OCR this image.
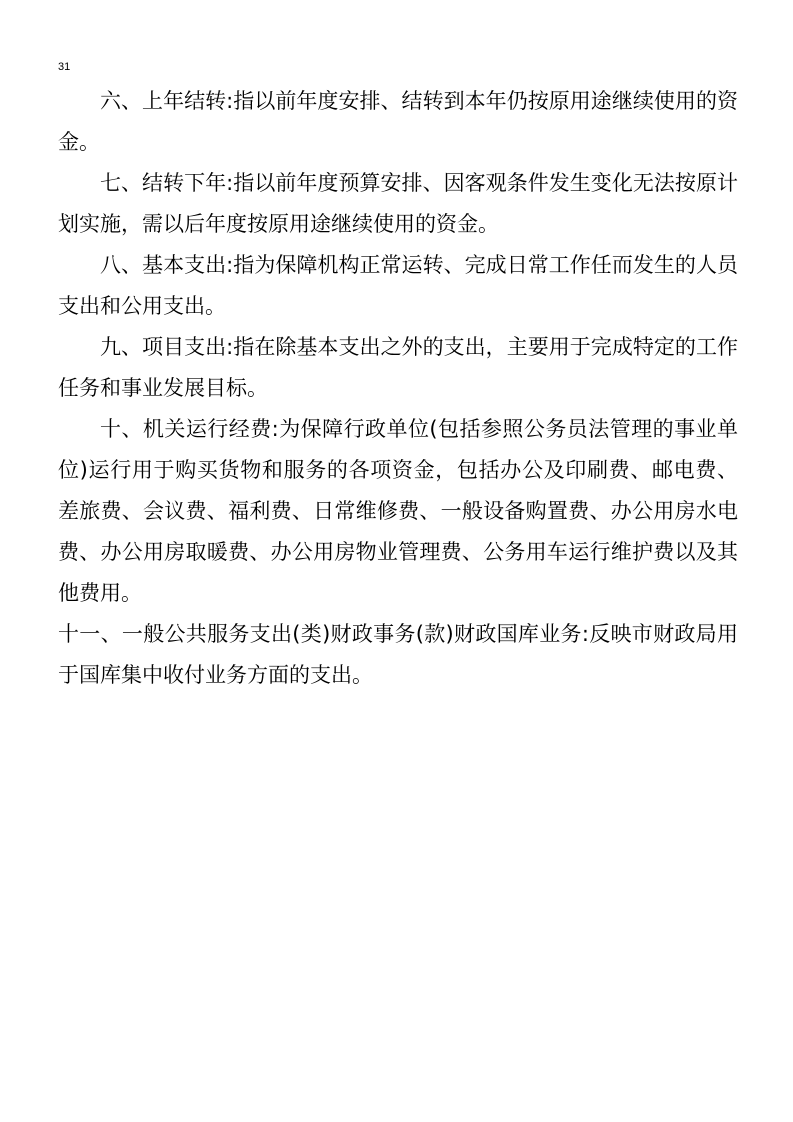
31

六、上年结转:指以前年度安排、结转到本年仍按原用途继续使用的资金。

七、结转下年:指以前年度预算安排、因客观条件发生变化无法按原计划实施，需以后年度按原用途继续使用的资金。

八、基本支出:指为保障机构正常运转、完成日常工作任而发生的人员支出和公用支出。

九、项目支出:指在除基本支出之外的支出，主要用于完成特定的工作任务和事业发展目标。

十、机关运行经费:为保障行政单位(包括参照公务员法管理的事业单位)运行用于购买货物和服务的各项资金，包括办公及印刷费、邮电费、差旅费、会议费、福利费、日常维修费、一般设备购置费、办公用房水电费、办公用房取暖费、办公用房物业管理费、公务用车运行维护费以及其他费用。

十一、一般公共服务支出(类)财政事务(款)财政国库业务:反映市财政局用于国库集中收付业务方面的支出。
